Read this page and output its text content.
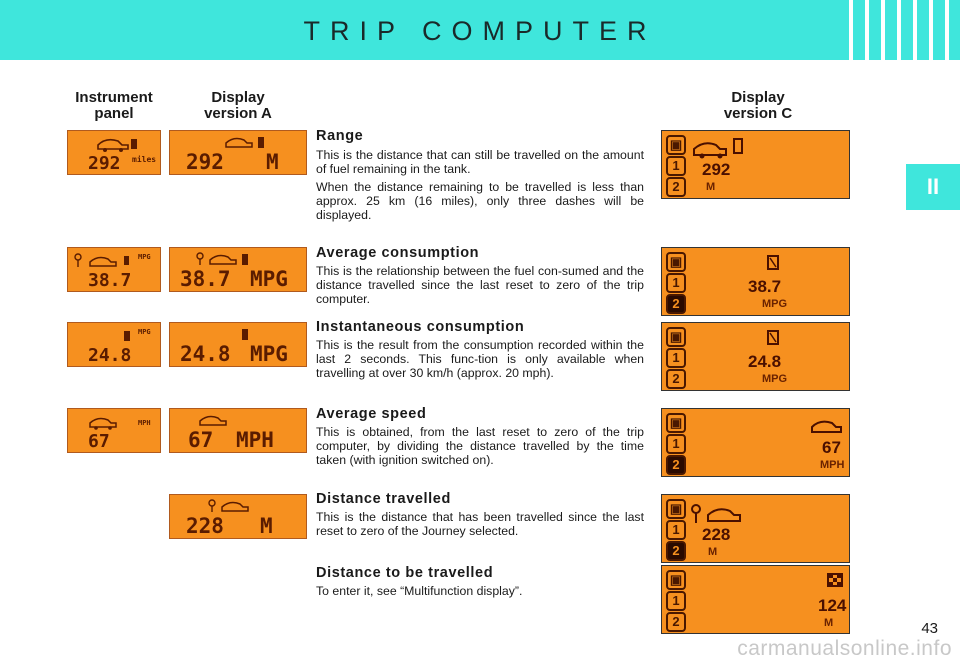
TRIP COMPUTER
II
Instrument panel
Display version A
Display version C
292 miles
MPG
38.7
MPG
24.8
MPH
67
292 M
38.7 MPG
24.8 MPG
67 MPH
228 M
▣
1
2
292
M
▣
1
2
38.7
MPG
▣
1
2
24.8
MPG
▣
1
2
67
MPH
▣
1
2
228
M
▣
1
2
124
M
Range

This is the distance that can still be travelled on the amount of fuel remaining in the tank.

When the distance remaining to be travelled is less than approx. 25 km (16 miles), only three dashes will be displayed.

Average consumption

This is the relationship between the fuel con-sumed and the distance travelled since the last reset to zero of the trip computer.

Instantaneous consumption

This is the result from the consumption recorded within the last 2 seconds. This func-tion is only available when travelling at over 30 km/h (approx. 20 mph).

Average speed

This is obtained, from the last reset to zero of the trip computer, by dividing the distance travelled by the time taken (with ignition switched on).

Distance travelled

This is the distance that has been travelled since the last reset to zero of the Journey selected.

Distance to be travelled

To enter it, see “Multifunction display”.

43
carmanualsonline.info
